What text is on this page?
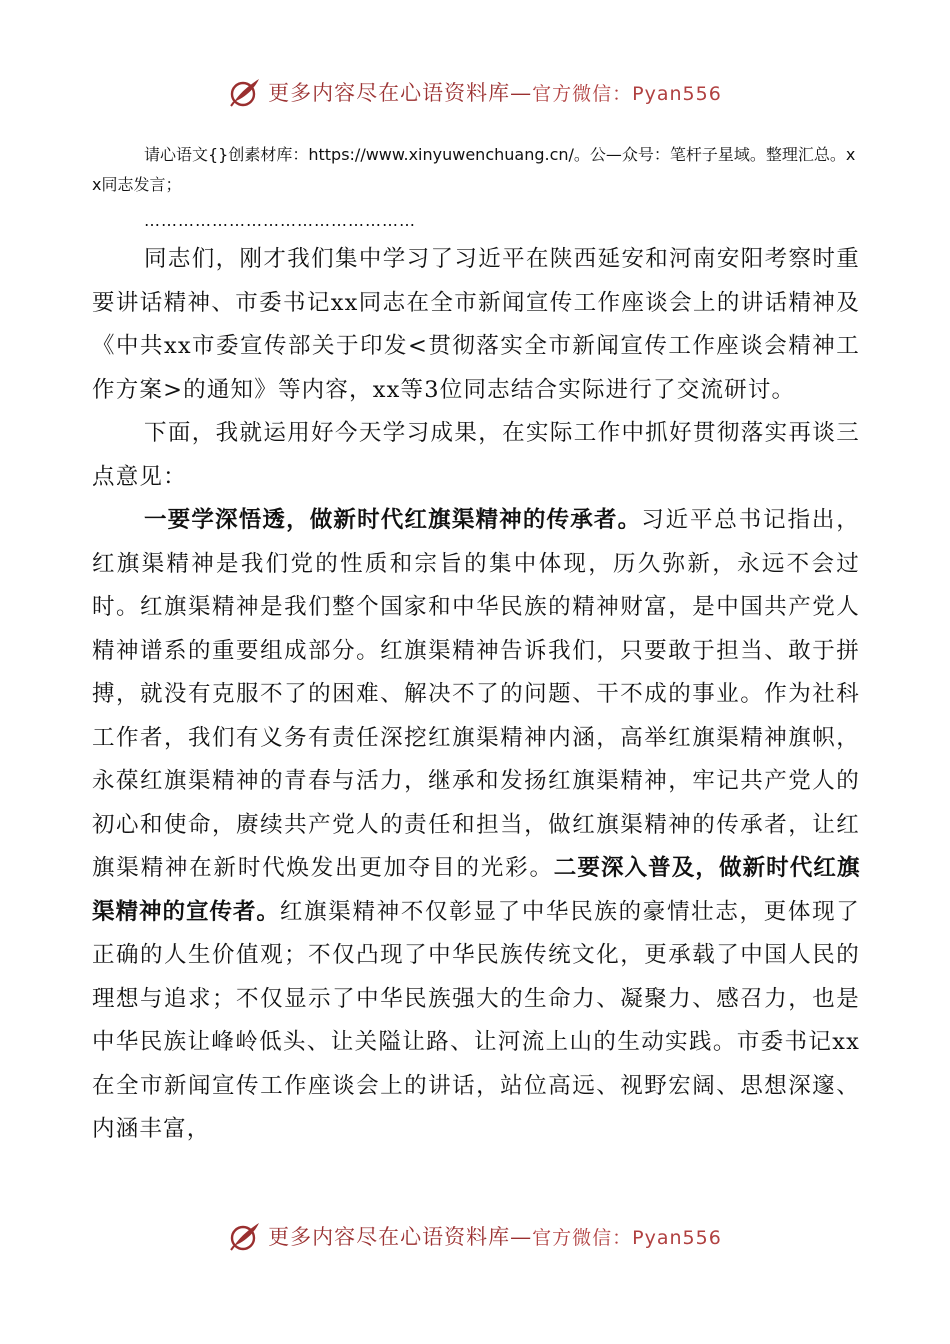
更多内容尽在心语资料库—官方微信：Pyan556

请心语文{}创素材库：https://www.xinyuwenchuang.cn/。公—众号：笔杆子星域。整理汇总。xx同志发言；

…………………………………………

同志们，刚才我们集中学习了习近平在陕西延安和河南安阳考察时重要讲话精神、市委书记xx同志在全市新闻宣传工作座谈会上的讲话精神及《中共xx市委宣传部关于印发<贯彻落实全市新闻宣传工作座谈会精神工作方案>的通知》等内容，xx等3位同志结合实际进行了交流研讨。

下面，我就运用好今天学习成果，在实际工作中抓好贯彻落实再谈三点意见：

一要学深悟透，做新时代红旗渠精神的传承者。习近平总书记指出，红旗渠精神是我们党的性质和宗旨的集中体现，历久弥新，永远不会过时。红旗渠精神是我们整个国家和中华民族的精神财富，是中国共产党人精神谱系的重要组成部分。红旗渠精神告诉我们，只要敢于担当、敢于拼搏，就没有克服不了的困难、解决不了的问题、干不成的事业。作为社科工作者，我们有义务有责任深挖红旗渠精神内涵，高举红旗渠精神旗帜，永葆红旗渠精神的青春与活力，继承和发扬红旗渠精神，牢记共产党人的初心和使命，赓续共产党人的责任和担当，做红旗渠精神的传承者，让红旗渠精神在新时代焕发出更加夺目的光彩。二要深入普及，做新时代红旗渠精神的宣传者。红旗渠精神不仅彰显了中华民族的豪情壮志，更体现了正确的人生价值观；不仅凸现了中华民族传统文化，更承载了中国人民的理想与追求；不仅显示了中华民族强大的生命力、凝聚力、感召力，也是中华民族让峰岭低头、让关隘让路、让河流上山的生动实践。市委书记xx在全市新闻宣传工作座谈会上的讲话，站位高远、视野宏阔、思想深邃、内涵丰富，

更多内容尽在心语资料库—官方微信：Pyan556
